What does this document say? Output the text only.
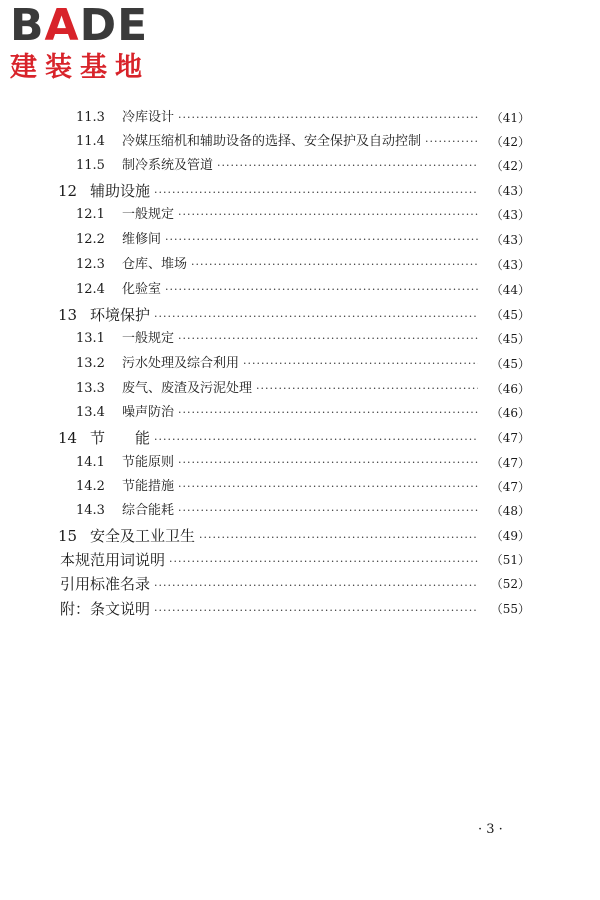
BADE
建装基地
11.3	冷库设计 ·····	（41）
11.4	冷媒压缩机和辅助设备的选择、安全保护及自动控制 ·····	（42）
11.5	制冷系统及管道 ·····	（42）
12 辅助设施 ·····	（43）
12.1	一般规定 ·····	（43）
12.2	维修间 ·····	（43）
12.3	仓库、堆场 ·····	（43）
12.4	化验室 ·····	（44）
13 环境保护 ·····	（45）
13.1	一般规定 ·····	（45）
13.2	污水处理及综合利用 ·····	（45）
13.3	废气、废渣及污泥处理 ·····	（46）
13.4	噪声防治 ·····	（46）
14 节　　能 ·····	（47）
14.1	节能原则 ·····	（47）
14.2	节能措施 ·····	（47）
14.3	综合能耗 ·····	（48）
15 安全及工业卫生 ·····	（49）
本规范用词说明 ·····	（51）
引用标准名录 ·····	（52）
附：条文说明 ·····	（55）
· 3 ·
